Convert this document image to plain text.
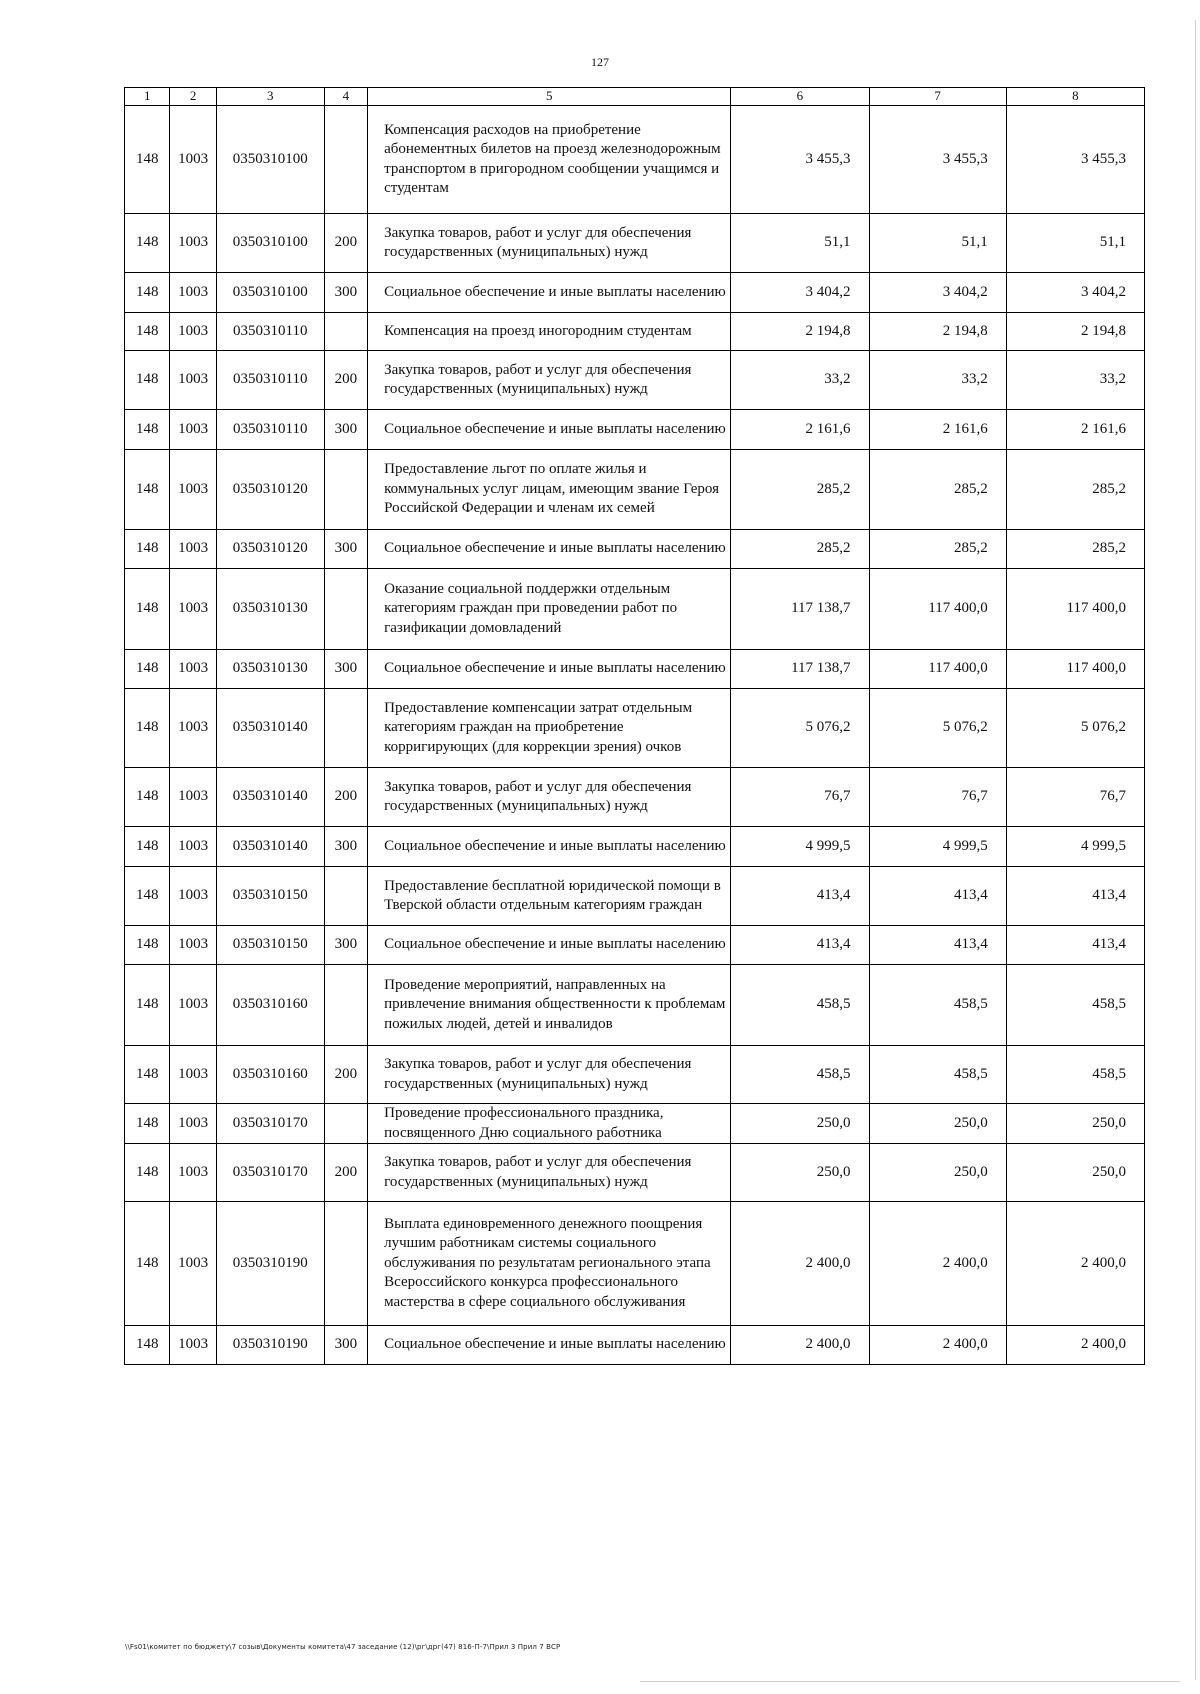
127
1	2	3	4	5	6	7	8
148	1003	0350310100		Компенсация расходов на приобретение абонементных билетов на проезд железнодорожным транспортом в пригородном сообщении учащимся и студентам	3 455,3	3 455,3	3 455,3
148	1003	0350310100	200	Закупка товаров, работ и услуг для обеспечения государственных (муниципальных) нужд	51,1	51,1	51,1
148	1003	0350310100	300	Социальное обеспечение и иные выплаты населению	3 404,2	3 404,2	3 404,2
148	1003	0350310110		Компенсация на проезд иногородним студентам	2 194,8	2 194,8	2 194,8
148	1003	0350310110	200	Закупка товаров, работ и услуг для обеспечения государственных (муниципальных) нужд	33,2	33,2	33,2
148	1003	0350310110	300	Социальное обеспечение и иные выплаты населению	2 161,6	2 161,6	2 161,6
148	1003	0350310120		Предоставление льгот по оплате жилья и коммунальных услуг лицам, имеющим звание Героя Российской Федерации и членам их семей	285,2	285,2	285,2
148	1003	0350310120	300	Социальное обеспечение и иные выплаты населению	285,2	285,2	285,2
148	1003	0350310130		Оказание социальной поддержки отдельным категориям граждан при проведении работ по газификации домовладений	117 138,7	117 400,0	117 400,0
148	1003	0350310130	300	Социальное обеспечение и иные выплаты населению	117 138,7	117 400,0	117 400,0
148	1003	0350310140		Предоставление компенсации затрат отдельным категориям граждан на приобретение корригирующих (для коррекции зрения) очков	5 076,2	5 076,2	5 076,2
148	1003	0350310140	200	Закупка товаров, работ и услуг для обеспечения государственных (муниципальных) нужд	76,7	76,7	76,7
148	1003	0350310140	300	Социальное обеспечение и иные выплаты населению	4 999,5	4 999,5	4 999,5
148	1003	0350310150		Предоставление бесплатной юридической помощи в Тверской области отдельным категориям граждан	413,4	413,4	413,4
148	1003	0350310150	300	Социальное обеспечение и иные выплаты населению	413,4	413,4	413,4
148	1003	0350310160		Проведение мероприятий, направленных на привлечение внимания общественности к проблемам пожилых людей, детей и инвалидов	458,5	458,5	458,5
148	1003	0350310160	200	Закупка товаров, работ и услуг для обеспечения государственных (муниципальных) нужд	458,5	458,5	458,5
148	1003	0350310170		Проведение профессионального праздника, посвященного Дню социального работника	250,0	250,0	250,0
148	1003	0350310170	200	Закупка товаров, работ и услуг для обеспечения государственных (муниципальных) нужд	250,0	250,0	250,0
148	1003	0350310190		Выплата единовременного денежного поощрения лучшим работникам системы социального обслуживания по результатам регионального этапа Всероссийского конкурса профессионального мастерства в сфере социального обслуживания	2 400,0	2 400,0	2 400,0
148	1003	0350310190	300	Социальное обеспечение и иные выплаты населению	2 400,0	2 400,0	2 400,0
\\Fs01\комитет по бюджету\7 созыв\Документы комитета\47 заседание (12)\рг\дрг(47) 816-П-7\Прил 3 Прил 7 ВСР
